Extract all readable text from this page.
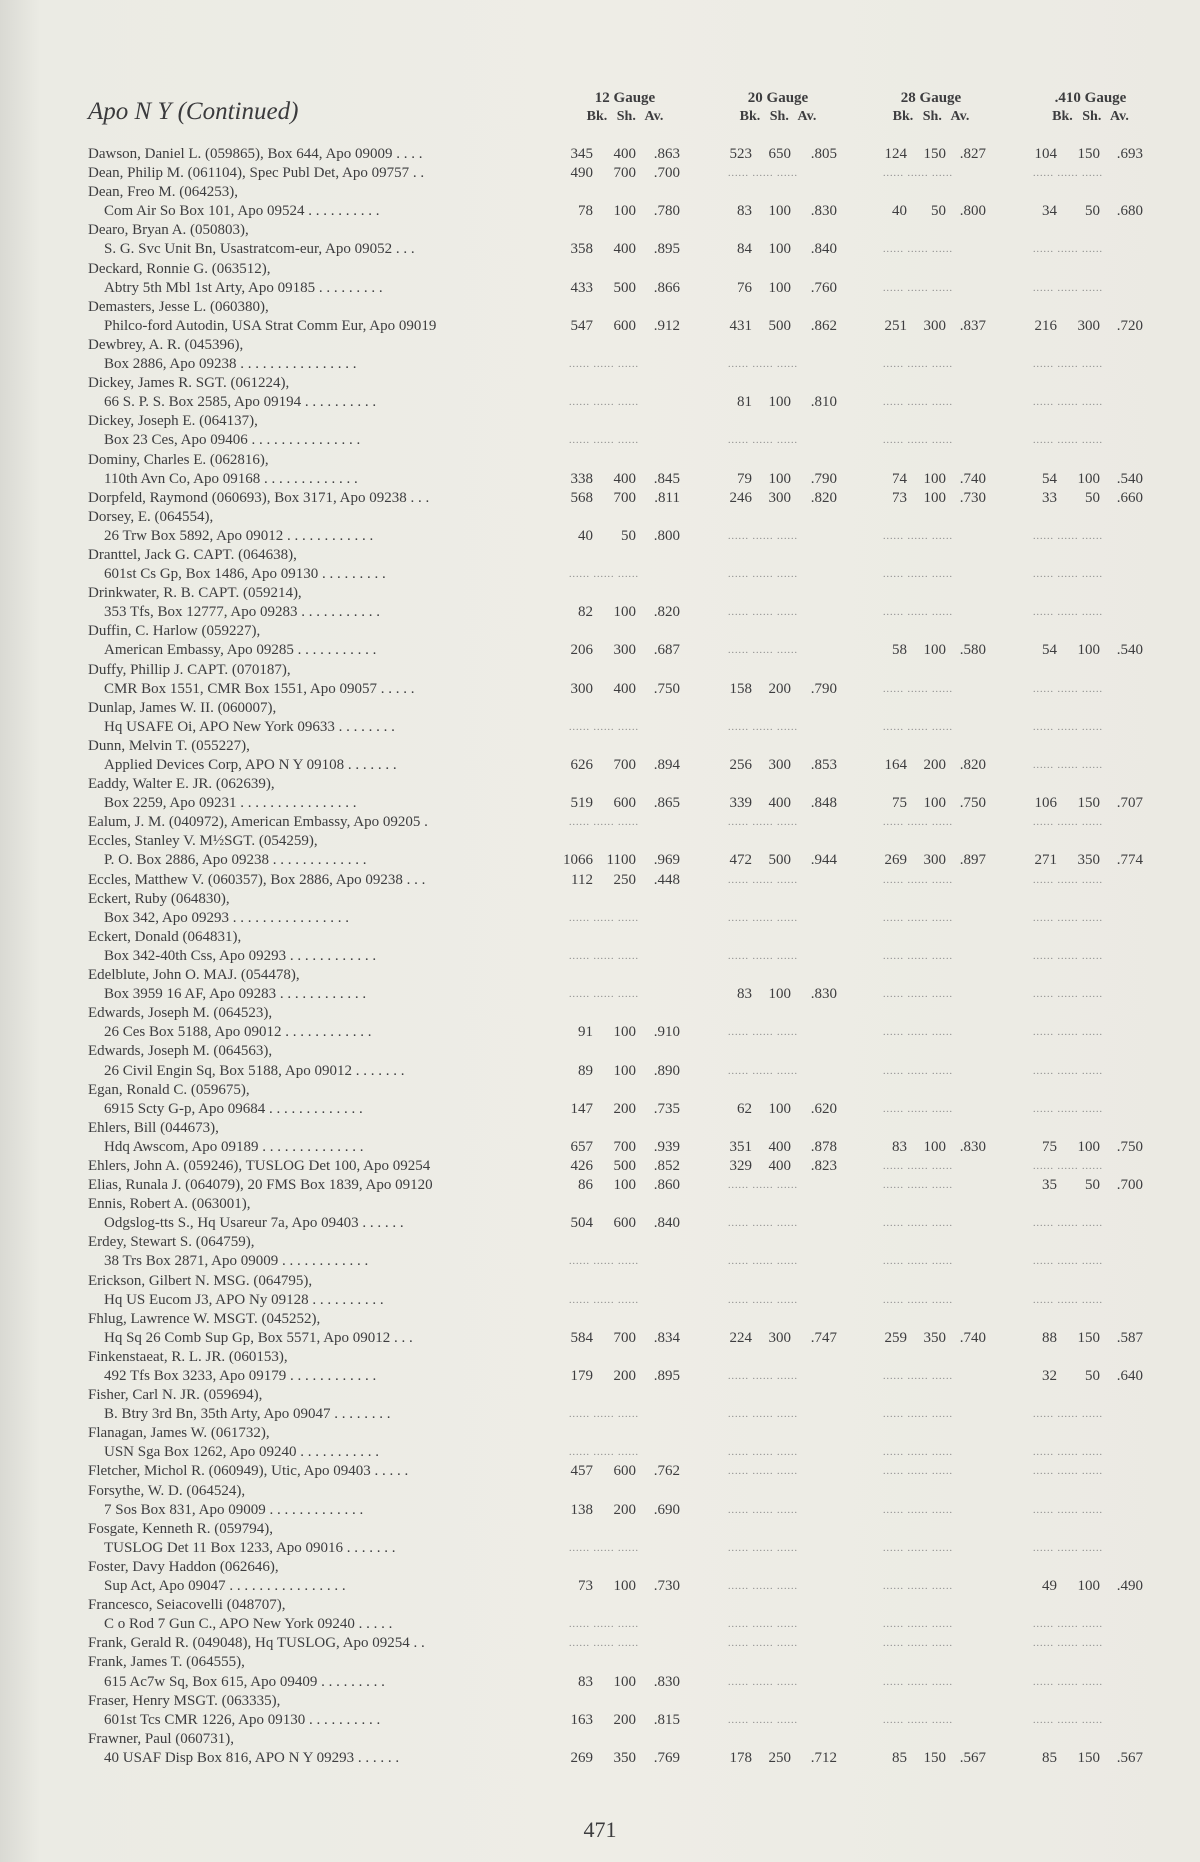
Apo N Y (Continued)	12 Gauge
Bk. Sh. Av.
20 Gauge
Bk. Sh. Av.
28 Gauge
Bk. Sh. Av.
.410 Gauge
Bk. Sh. Av.
Dawson, Daniel L. (059865), Box 644, Apo 09009 . . . .	345 400 .863	523 650 .805	124 150 .827	104 150 .693
Dean, Philip M. (061104), Spec Publ Det, Apo 09757 . .	490 700 .700	...... ...... ......	...... ...... ......	...... ...... ......
Dean, Freo M. (064253),
Com Air So Box 101, Apo 09524 . . . . . . . . . .	78 100 .780	83 100 .830	40 50 .800	34 50 .680
Dearo, Bryan A. (050803),
S. G. Svc Unit Bn, Usastratcom-eur, Apo 09052 . . .	358 400 .895	84 100 .840	...... ...... ......	...... ...... ......
Deckard, Ronnie G. (063512),
Abtry 5th Mbl 1st Arty, Apo 09185 . . . . . . . . .	433 500 .866	76 100 .760	...... ...... ......	...... ...... ......
Demasters, Jesse L. (060380),
Philco-ford Autodin, USA Strat Comm Eur, Apo 09019	547 600 .912	431 500 .862	251 300 .837	216 300 .720
Dewbrey, A. R. (045396),
Box 2886, Apo 09238 . . . . . . . . . . . . . . . .	...... ...... ......	...... ...... ......	...... ...... ......	...... ...... ......
Dickey, James R. SGT. (061224),
66 S. P. S. Box 2585, Apo 09194 . . . . . . . . . .	...... ...... ......	81 100 .810	...... ...... ......	...... ...... ......
Dickey, Joseph E. (064137),
Box 23 Ces, Apo 09406 . . . . . . . . . . . . . . .	...... ...... ......	...... ...... ......	...... ...... ......	...... ...... ......
Dominy, Charles E. (062816),
110th Avn Co, Apo 09168 . . . . . . . . . . . . .	338 400 .845	79 100 .790	74 100 .740	54 100 .540
Dorpfeld, Raymond (060693), Box 3171, Apo 09238 . . .	568 700 .811	246 300 .820	73 100 .730	33 50 .660
Dorsey, E. (064554),
26 Trw Box 5892, Apo 09012 . . . . . . . . . . . .	40 50 .800	...... ...... ......	...... ...... ......	...... ...... ......
Dranttel, Jack G. CAPT. (064638),
601st Cs Gp, Box 1486, Apo 09130 . . . . . . . . .	...... ...... ......	...... ...... ......	...... ...... ......	...... ...... ......
Drinkwater, R. B. CAPT. (059214),
353 Tfs, Box 12777, Apo 09283 . . . . . . . . . . .	82 100 .820	...... ...... ......	...... ...... ......	...... ...... ......
Duffin, C. Harlow (059227),
American Embassy, Apo 09285 . . . . . . . . . . .	206 300 .687	...... ...... ......	58 100 .580	54 100 .540
Duffy, Phillip J. CAPT. (070187),
CMR Box 1551, CMR Box 1551, Apo 09057 . . . . .	300 400 .750	158 200 .790	...... ...... ......	...... ...... ......
Dunlap, James W. II. (060007),
Hq USAFE Oi, APO New York 09633 . . . . . . . .	...... ...... ......	...... ...... ......	...... ...... ......	...... ...... ......
Dunn, Melvin T. (055227),
Applied Devices Corp, APO N Y 09108 . . . . . . .	626 700 .894	256 300 .853	164 200 .820	...... ...... ......
Eaddy, Walter E. JR. (062639),
Box 2259, Apo 09231 . . . . . . . . . . . . . . . .	519 600 .865	339 400 .848	75 100 .750	106 150 .707
Ealum, J. M. (040972), American Embassy, Apo 09205 .	...... ...... ......	...... ...... ......	...... ...... ......	...... ...... ......
Eccles, Stanley V. M½SGT. (054259),
P. O. Box 2886, Apo 09238 . . . . . . . . . . . . .	1066 1100 .969	472 500 .944	269 300 .897	271 350 .774
Eccles, Matthew V. (060357), Box 2886, Apo 09238 . . .	112 250 .448	...... ...... ......	...... ...... ......	...... ...... ......
Eckert, Ruby (064830),
Box 342, Apo 09293 . . . . . . . . . . . . . . . .	...... ...... ......	...... ...... ......	...... ...... ......	...... ...... ......
Eckert, Donald (064831),
Box 342-40th Css, Apo 09293 . . . . . . . . . . . .	...... ...... ......	...... ...... ......	...... ...... ......	...... ...... ......
Edelblute, John O. MAJ. (054478),
Box 3959 16 AF, Apo 09283 . . . . . . . . . . . .	...... ...... ......	83 100 .830	...... ...... ......	...... ...... ......
Edwards, Joseph M. (064523),
26 Ces Box 5188, Apo 09012 . . . . . . . . . . . .	91 100 .910	...... ...... ......	...... ...... ......	...... ...... ......
Edwards, Joseph M. (064563),
26 Civil Engin Sq, Box 5188, Apo 09012 . . . . . . .	89 100 .890	...... ...... ......	...... ...... ......	...... ...... ......
Egan, Ronald C. (059675),
6915 Scty G-p, Apo 09684 . . . . . . . . . . . . .	147 200 .735	62 100 .620	...... ...... ......	...... ...... ......
Ehlers, Bill (044673),
Hdq Awscom, Apo 09189 . . . . . . . . . . . . . .	657 700 .939	351 400 .878	83 100 .830	75 100 .750
Ehlers, John A. (059246), TUSLOG Det 100, Apo 09254	426 500 .852	329 400 .823	...... ...... ......	...... ...... ......
Elias, Runala J. (064079), 20 FMS Box 1839, Apo 09120	86 100 .860	...... ...... ......	...... ...... ......	35 50 .700
Ennis, Robert A. (063001),
Odgslog-tts S., Hq Usareur 7a, Apo 09403 . . . . . .	504 600 .840	...... ...... ......	...... ...... ......	...... ...... ......
Erdey, Stewart S. (064759),
38 Trs Box 2871, Apo 09009 . . . . . . . . . . . .	...... ...... ......	...... ...... ......	...... ...... ......	...... ...... ......
Erickson, Gilbert N. MSG. (064795),
Hq US Eucom J3, APO Ny 09128 . . . . . . . . . .	...... ...... ......	...... ...... ......	...... ...... ......	...... ...... ......
Fhlug, Lawrence W. MSGT. (045252),
Hq Sq 26 Comb Sup Gp, Box 5571, Apo 09012 . . .	584 700 .834	224 300 .747	259 350 .740	88 150 .587
Finkenstaeat, R. L. JR. (060153),
492 Tfs Box 3233, Apo 09179 . . . . . . . . . . . .	179 200 .895	...... ...... ......	...... ...... ......	32 50 .640
Fisher, Carl N. JR. (059694),
B. Btry 3rd Bn, 35th Arty, Apo 09047 . . . . . . . .	...... ...... ......	...... ...... ......	...... ...... ......	...... ...... ......
Flanagan, James W. (061732),
USN Sga Box 1262, Apo 09240 . . . . . . . . . . .	...... ...... ......	...... ...... ......	...... ...... ......	...... ...... ......
Fletcher, Michol R. (060949), Utic, Apo 09403 . . . . .	457 600 .762	...... ...... ......	...... ...... ......	...... ...... ......
Forsythe, W. D. (064524),
7 Sos Box 831, Apo 09009 . . . . . . . . . . . . .	138 200 .690	...... ...... ......	...... ...... ......	...... ...... ......
Fosgate, Kenneth R. (059794),
TUSLOG Det 11 Box 1233, Apo 09016 . . . . . . .	...... ...... ......	...... ...... ......	...... ...... ......	...... ...... ......
Foster, Davy Haddon (062646),
Sup Act, Apo 09047 . . . . . . . . . . . . . . . .	73 100 .730	...... ...... ......	...... ...... ......	49 100 .490
Francesco, Seiacovelli (048707),
C o Rod 7 Gun C., APO New York 09240 . . . . .	...... ...... ......	...... ...... ......	...... ...... ......	...... ...... ......
Frank, Gerald R. (049048), Hq TUSLOG, Apo 09254 . .	...... ...... ......	...... ...... ......	...... ...... ......	...... ...... ......
Frank, James T. (064555),
615 Ac7w Sq, Box 615, Apo 09409 . . . . . . . . .	83 100 .830	...... ...... ......	...... ...... ......	...... ...... ......
Fraser, Henry MSGT. (063335),
601st Tcs CMR 1226, Apo 09130 . . . . . . . . . .	163 200 .815	...... ...... ......	...... ...... ......	...... ...... ......
Frawner, Paul (060731),
40 USAF Disp Box 816, APO N Y 09293 . . . . . .	269 350 .769	178 250 .712	85 150 .567	85 150 .567
471
